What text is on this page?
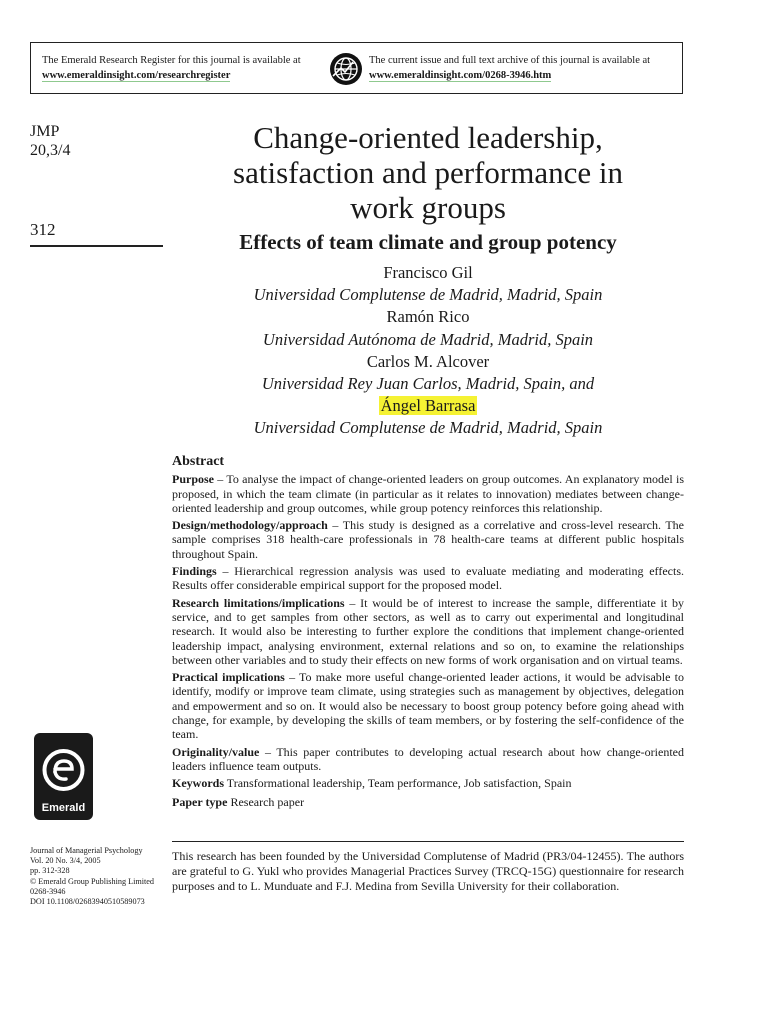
The Emerald Research Register for this journal is available at
www.emeraldinsight.com/researchregister
The current issue and full text archive of this journal is available at
www.emeraldinsight.com/0268-3946.htm
JMP
20,3/4
312
Change-oriented leadership,
satisfaction and performance in
work groups
Effects of team climate and group potency
Francisco Gil
Universidad Complutense de Madrid, Madrid, Spain
Ramón Rico
Universidad Autónoma de Madrid, Madrid, Spain
Carlos M. Alcover
Universidad Rey Juan Carlos, Madrid, Spain, and
Ángel Barrasa
Universidad Complutense de Madrid, Madrid, Spain
Abstract

Purpose – To analyse the impact of change-oriented leaders on group outcomes. An explanatory model is proposed, in which the team climate (in particular as it relates to innovation) mediates between change-oriented leadership and group outcomes, while group potency reinforces this relationship.

Design/methodology/approach – This study is designed as a correlative and cross-level research. The sample comprises 318 health-care professionals in 78 health-care teams at different public hospitals throughout Spain.

Findings – Hierarchical regression analysis was used to evaluate mediating and moderating effects. Results offer considerable empirical support for the proposed model.

Research limitations/implications – It would be of interest to increase the sample, differentiate it by service, and to get samples from other sectors, as well as to carry out experimental and longitudinal research. It would also be interesting to further explore the conditions that implement change-oriented leadership impact, analysing environment, external relations and so on, to examine the relationships between other variables and to study their effects on new forms of work organisation and on virtual teams.

Practical implications – To make more useful change-oriented leader actions, it would be advisable to identify, modify or improve team climate, using strategies such as management by objectives, delegation and empowerment and so on. It would also be necessary to boost group potency before going ahead with change, for example, by developing the skills of team members, or by fostering the self-confidence of the team.

Originality/value – This paper contributes to developing actual research about how change-oriented leaders influence team outputs.

Keywords Transformational leadership, Team performance, Job satisfaction, Spain

Paper type Research paper

Emerald
Journal of Managerial Psychology
Vol. 20 No. 3/4, 2005
pp. 312-328
© Emerald Group Publishing Limited
0268-3946
DOI 10.1108/02683940510589073
This research has been founded by the Universidad Complutense of Madrid (PR3/04-12455). The authors are grateful to G. Yukl who provides Managerial Practices Survey (TRCQ-15G) questionnaire for research purposes and to L. Munduate and F.J. Medina from Sevilla University for their collaboration.
